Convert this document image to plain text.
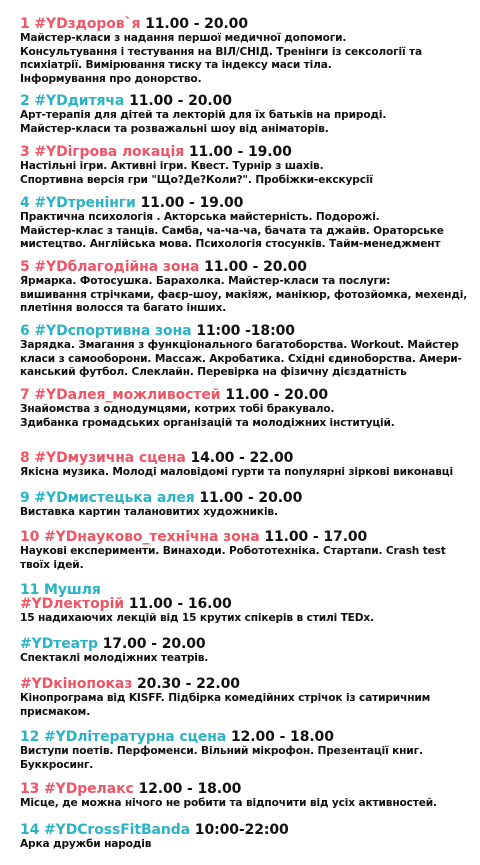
1 #YDздоров`я 11.00 - 20.00
Майстер-класи з надання першої медичної допомоги.
Консультування і тестування на ВІЛ/СНІД. Тренінги із сексології та
психіатрії. Вимірювання тиску та індексу маси тіла.
Інформування про донорство.
2 #YDдитяча 11.00 - 20.00
Арт-терапія для дітей та лекторій для їх батьків на природі.
Майстер-класи та розважальні шоу від аніматорів.
3 #YDігрова локація 11.00 - 19.00
Настільні ігри. Активні ігри. Квест. Турнір з шахів.
Спортивна версія гри "Що?Де?Коли?". Пробіжки-екскурсії
4 #YDтренінги 11.00 - 19.00
Практична психологія . Акторська майстерність. Подорожі.
Майстер-клас з танців. Самба, ча-ча-ча, бачата та джайв. Ораторське
мистецтво. Англійська мова. Психологія стосунків. Тайм-менеджмент
5 #YDблагодійна зона 11.00 - 20.00
Ярмарка. Фотосушка. Барахолка. Майстер-класи та послуги:
вишивання стрічками, фаєр-шоу, макіяж, манікюр, фотозйомка, мехенді,
плетіння волосся та багато інших.
6 #YDспортивна зона 11:00 -18:00
Зарядка. Змагання з функціонального багатоборства. Workout. Майстер
класи з самооборони. Массаж. Акробатика. Східні єдиноборства. Амери-
канський футбол. Слеклайн. Перевірка на фізичну дієздатність
7 #YDалея_можливостей 11.00 - 20.00
Знайомства з однодумцями, котрих тобі бракувало.
Здибанка громадських організацій та молодіжних інституцій.
8 #YDмузична сцена 14.00 - 22.00
Якісна музика. Молоді маловідомі гурти та популярні зіркові виконавці
9 #YDмистецька алея 11.00 - 20.00
Виставка картин талановитих художників.
10 #YDнауково_технічна зона 11.00 - 17.00
Наукові експерименти. Винаходи. Робототехніка. Стартапи. Crash test
твоїх ідей.
11 Мушля
#YDлекторій 11.00 - 16.00
15 надихаючих лекцій від 15 крутих спікерів в стилі TEDx.
#YDтеатр 17.00 - 20.00
Спектаклі молодіжних театрів.
#YDкінопоказ 20.30 - 22.00
Кінопрограма від KISFF. Підбірка комедійних стрічок із сатиричним
присмаком.
12 #YDлітературна сцена 12.00 - 18.00
Виступи поетів. Перфоменси. Вільний мікрофон. Презентації книг.
Буккросинг.
13 #YDрелакс 12.00 - 18.00
Місце, де можна нічого не робити та відпочити від усіх активностей.
14 #YDCrossFitBanda 10:00-22:00
Арка дружби народів
